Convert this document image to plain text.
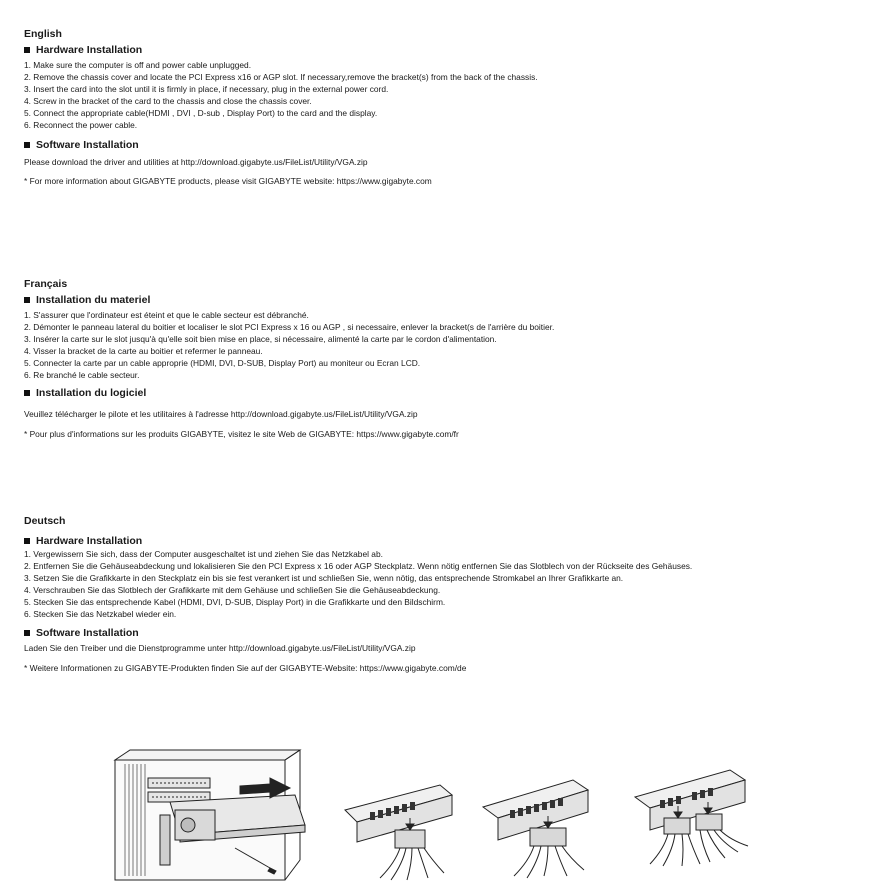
English
Hardware Installation
1. Make sure the computer is off and power cable unplugged.
2. Remove the chassis cover and locate the PCI Express x16 or AGP slot. If necessary,remove the bracket(s) from the back of the chassis.
3. Insert the card into the slot until it is firmly in place, if necessary, plug in the external power cord.
4. Screw in the bracket of the card to the chassis and close the chassis cover.
5. Connect the appropriate cable(HDMI , DVI , D-sub , Display Port) to the card and the display.
6. Reconnect the power cable.
Software Installation

Please download the driver and utilities at http://download.gigabyte.us/FileList/Utility/VGA.zip

* For more information about GIGABYTE products, please visit GIGABYTE website: https://www.gigabyte.com

Français
Installation du materiel
1. S'assurer que l'ordinateur est éteint et que le cable secteur est débranché.
2. Démonter le panneau lateral du boitier et localiser le slot PCI Express x 16 ou AGP , si necessaire, enlever la bracket(s de l'arrière du boitier.
3. Insérer la carte sur le slot jusqu'à qu'elle soit bien mise en place, si nécessaire, alimenté la carte par le cordon d'alimentation.
4. Visser la bracket de la carte au boitier et refermer le panneau.
5. Connecter la carte par un cable approprie (HDMI, DVI, D-SUB, Display Port) au moniteur ou Ecran LCD.
6. Re branché le cable secteur.
Installation du logiciel

Veuillez télécharger le pilote et les utilitaires à l'adresse http://download.gigabyte.us/FileList/Utility/VGA.zip

* Pour plus d'informations sur les produits GIGABYTE, visitez le site Web de GIGABYTE: https://www.gigabyte.com/fr

Deutsch
Hardware Installation
1. Vergewissern Sie sich, dass der Computer ausgeschaltet ist und ziehen Sie das Netzkabel ab.
2. Entfernen Sie die Gehäuseabdeckung und lokalisieren Sie den PCI Express x 16 oder AGP Steckplatz. Wenn nötig entfernen Sie das Slotblech von der Rückseite des Gehäuses.
3. Setzen Sie die Grafikkarte in den Steckplatz ein bis sie fest verankert ist und schließen Sie, wenn nötig, das entsprechende Stromkabel an Ihrer Grafikkarte an.
4. Verschrauben Sie das Slotblech der Grafikkarte mit dem Gehäuse und schließen Sie die Gehäuseabdeckung.
5. Stecken Sie das entsprechende Kabel (HDMI, DVI, D-SUB, Display Port) in die Grafikkarte und den Bildschirm.
6. Stecken Sie das Netzkabel wieder ein.
Software Installation

Laden Sie den Treiber und die Dienstprogramme unter http://download.gigabyte.us/FileList/Utility/VGA.zip

* Weitere Informationen zu GIGABYTE-Produkten finden Sie auf der GIGABYTE-Website: https://www.gigabyte.com/de
